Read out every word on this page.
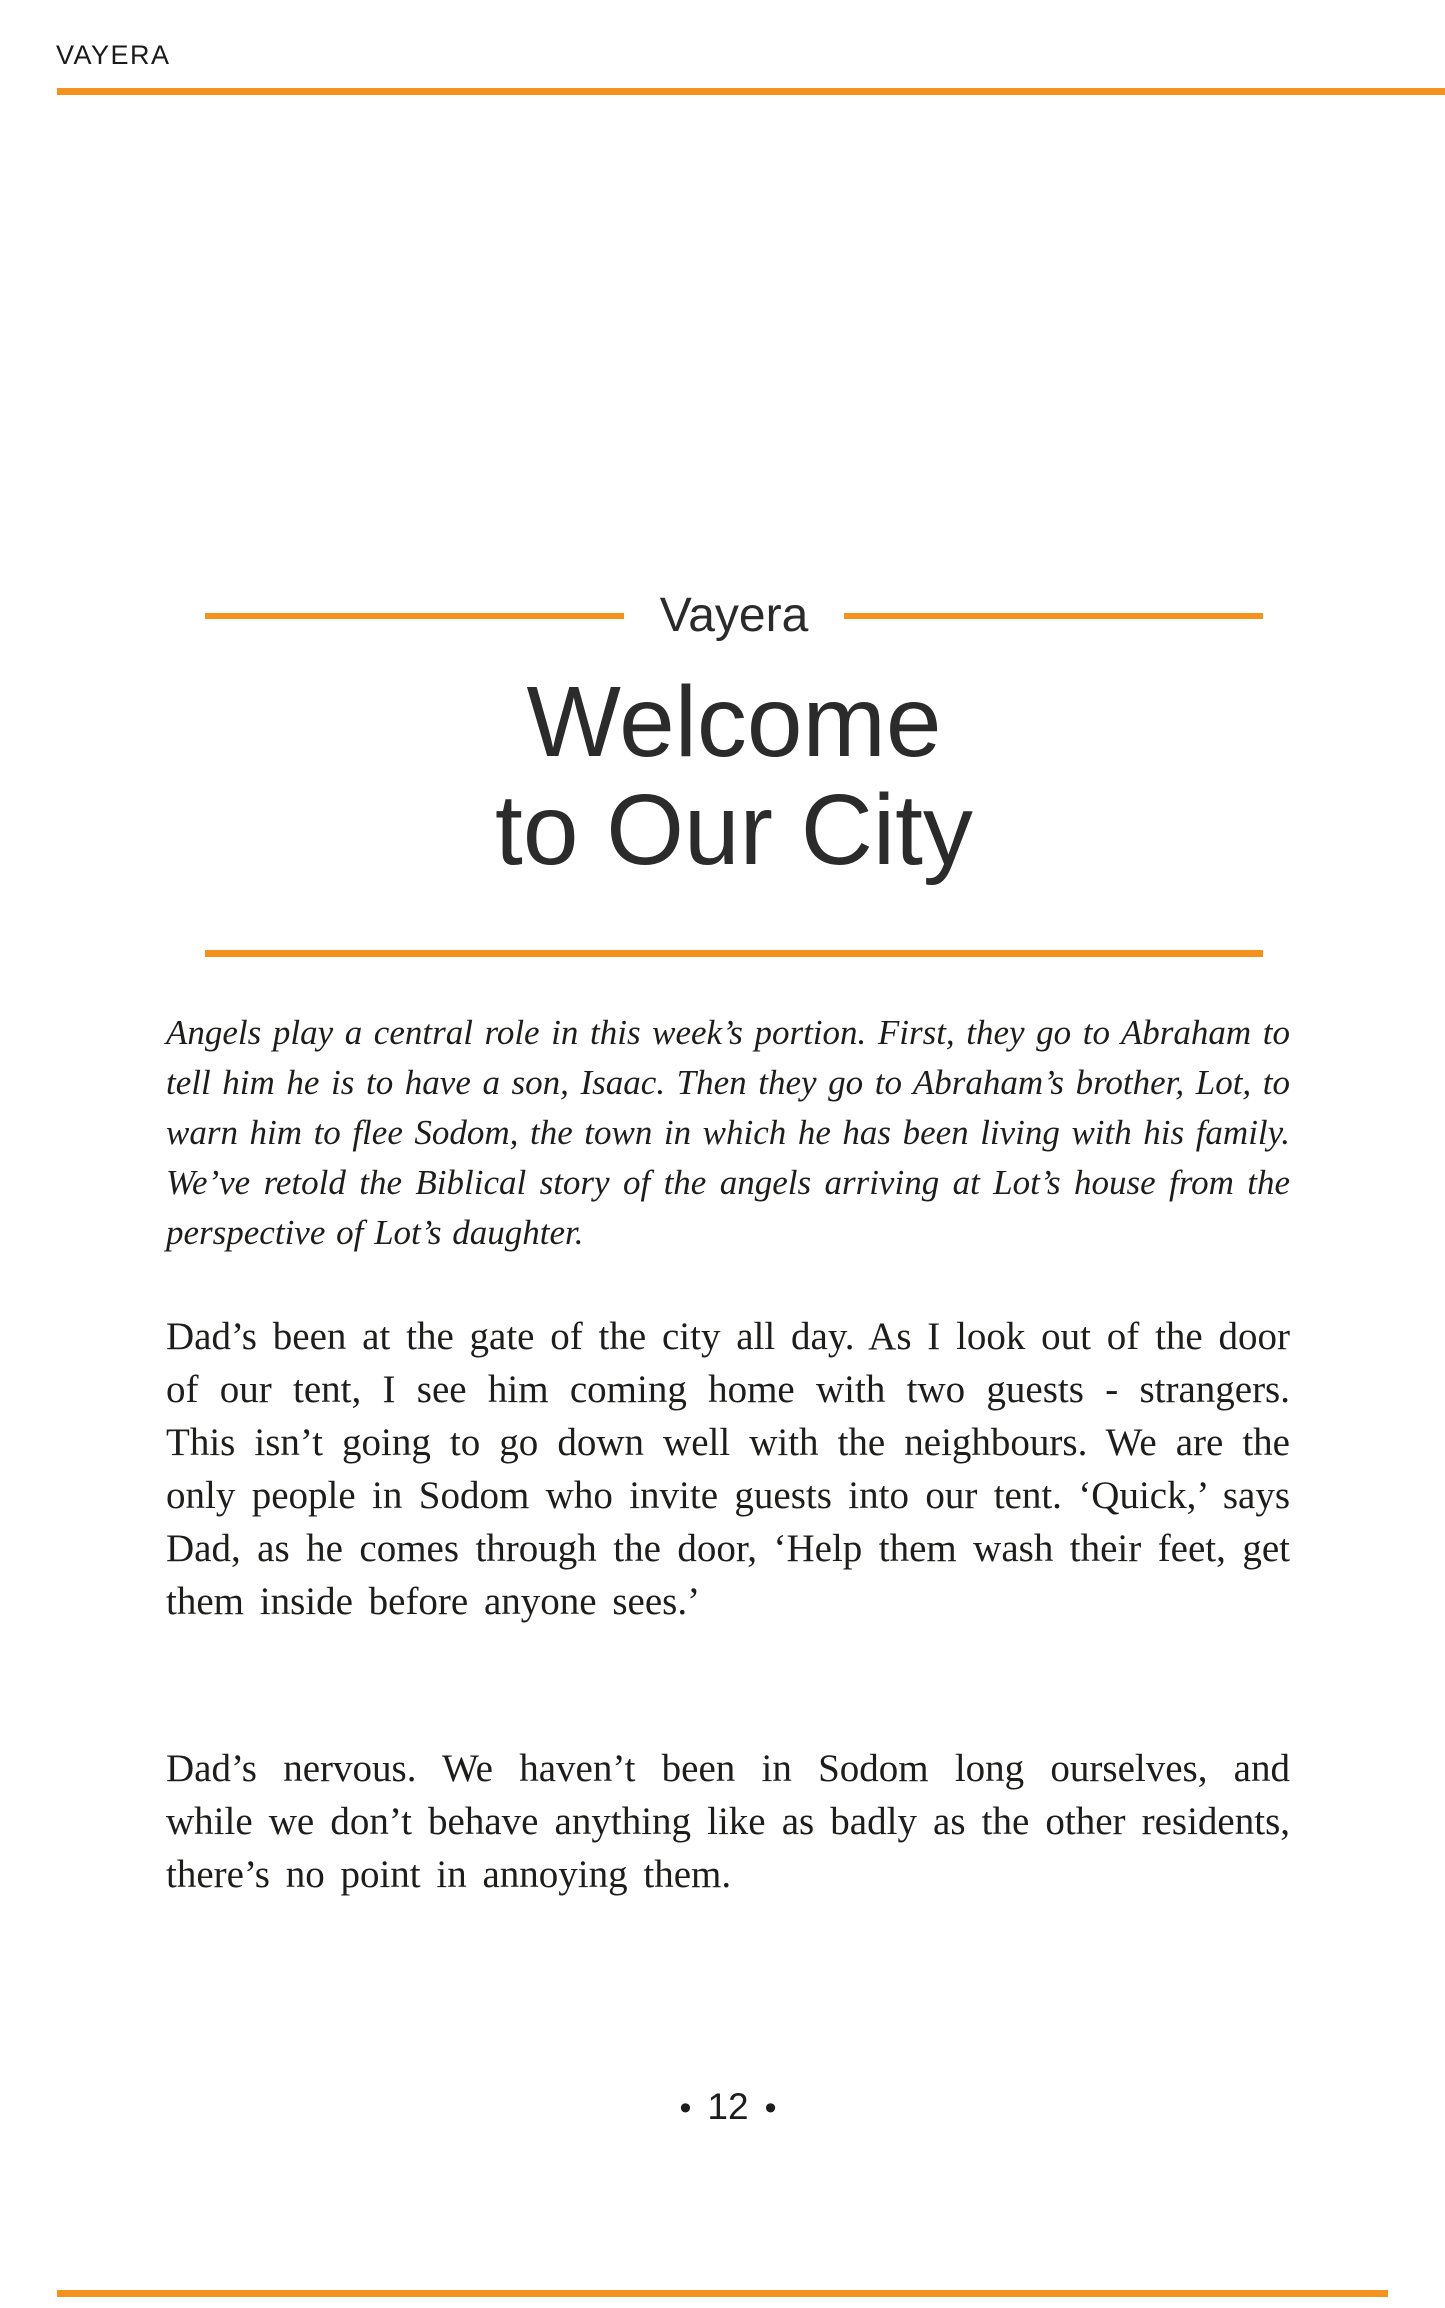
VAYERA
Vayera
Welcome
to Our City

Angels play a central role in this week’s portion. First, they go to Abraham to tell him he is to have a son, Isaac. Then they go to Abraham’s brother, Lot, to warn him to flee Sodom, the town in which he has been living with his family. We’ve retold the Biblical story of the angels arriving at Lot’s house from the perspective of Lot’s daughter.

Dad’s been at the gate of the city all day. As I look out of the door of our tent, I see him coming home with two guests - strangers. This isn’t going to go down well with the neighbours. We are the only people in Sodom who invite guests into our tent. ‘Quick,’ says Dad, as he comes through the door, ‘Help them wash their feet, get them inside before anyone sees.’

Dad’s nervous. We haven’t been in Sodom long ourselves, and while we don’t behave anything like as badly as the other residents, there’s no point in annoying them.

• 12 •
